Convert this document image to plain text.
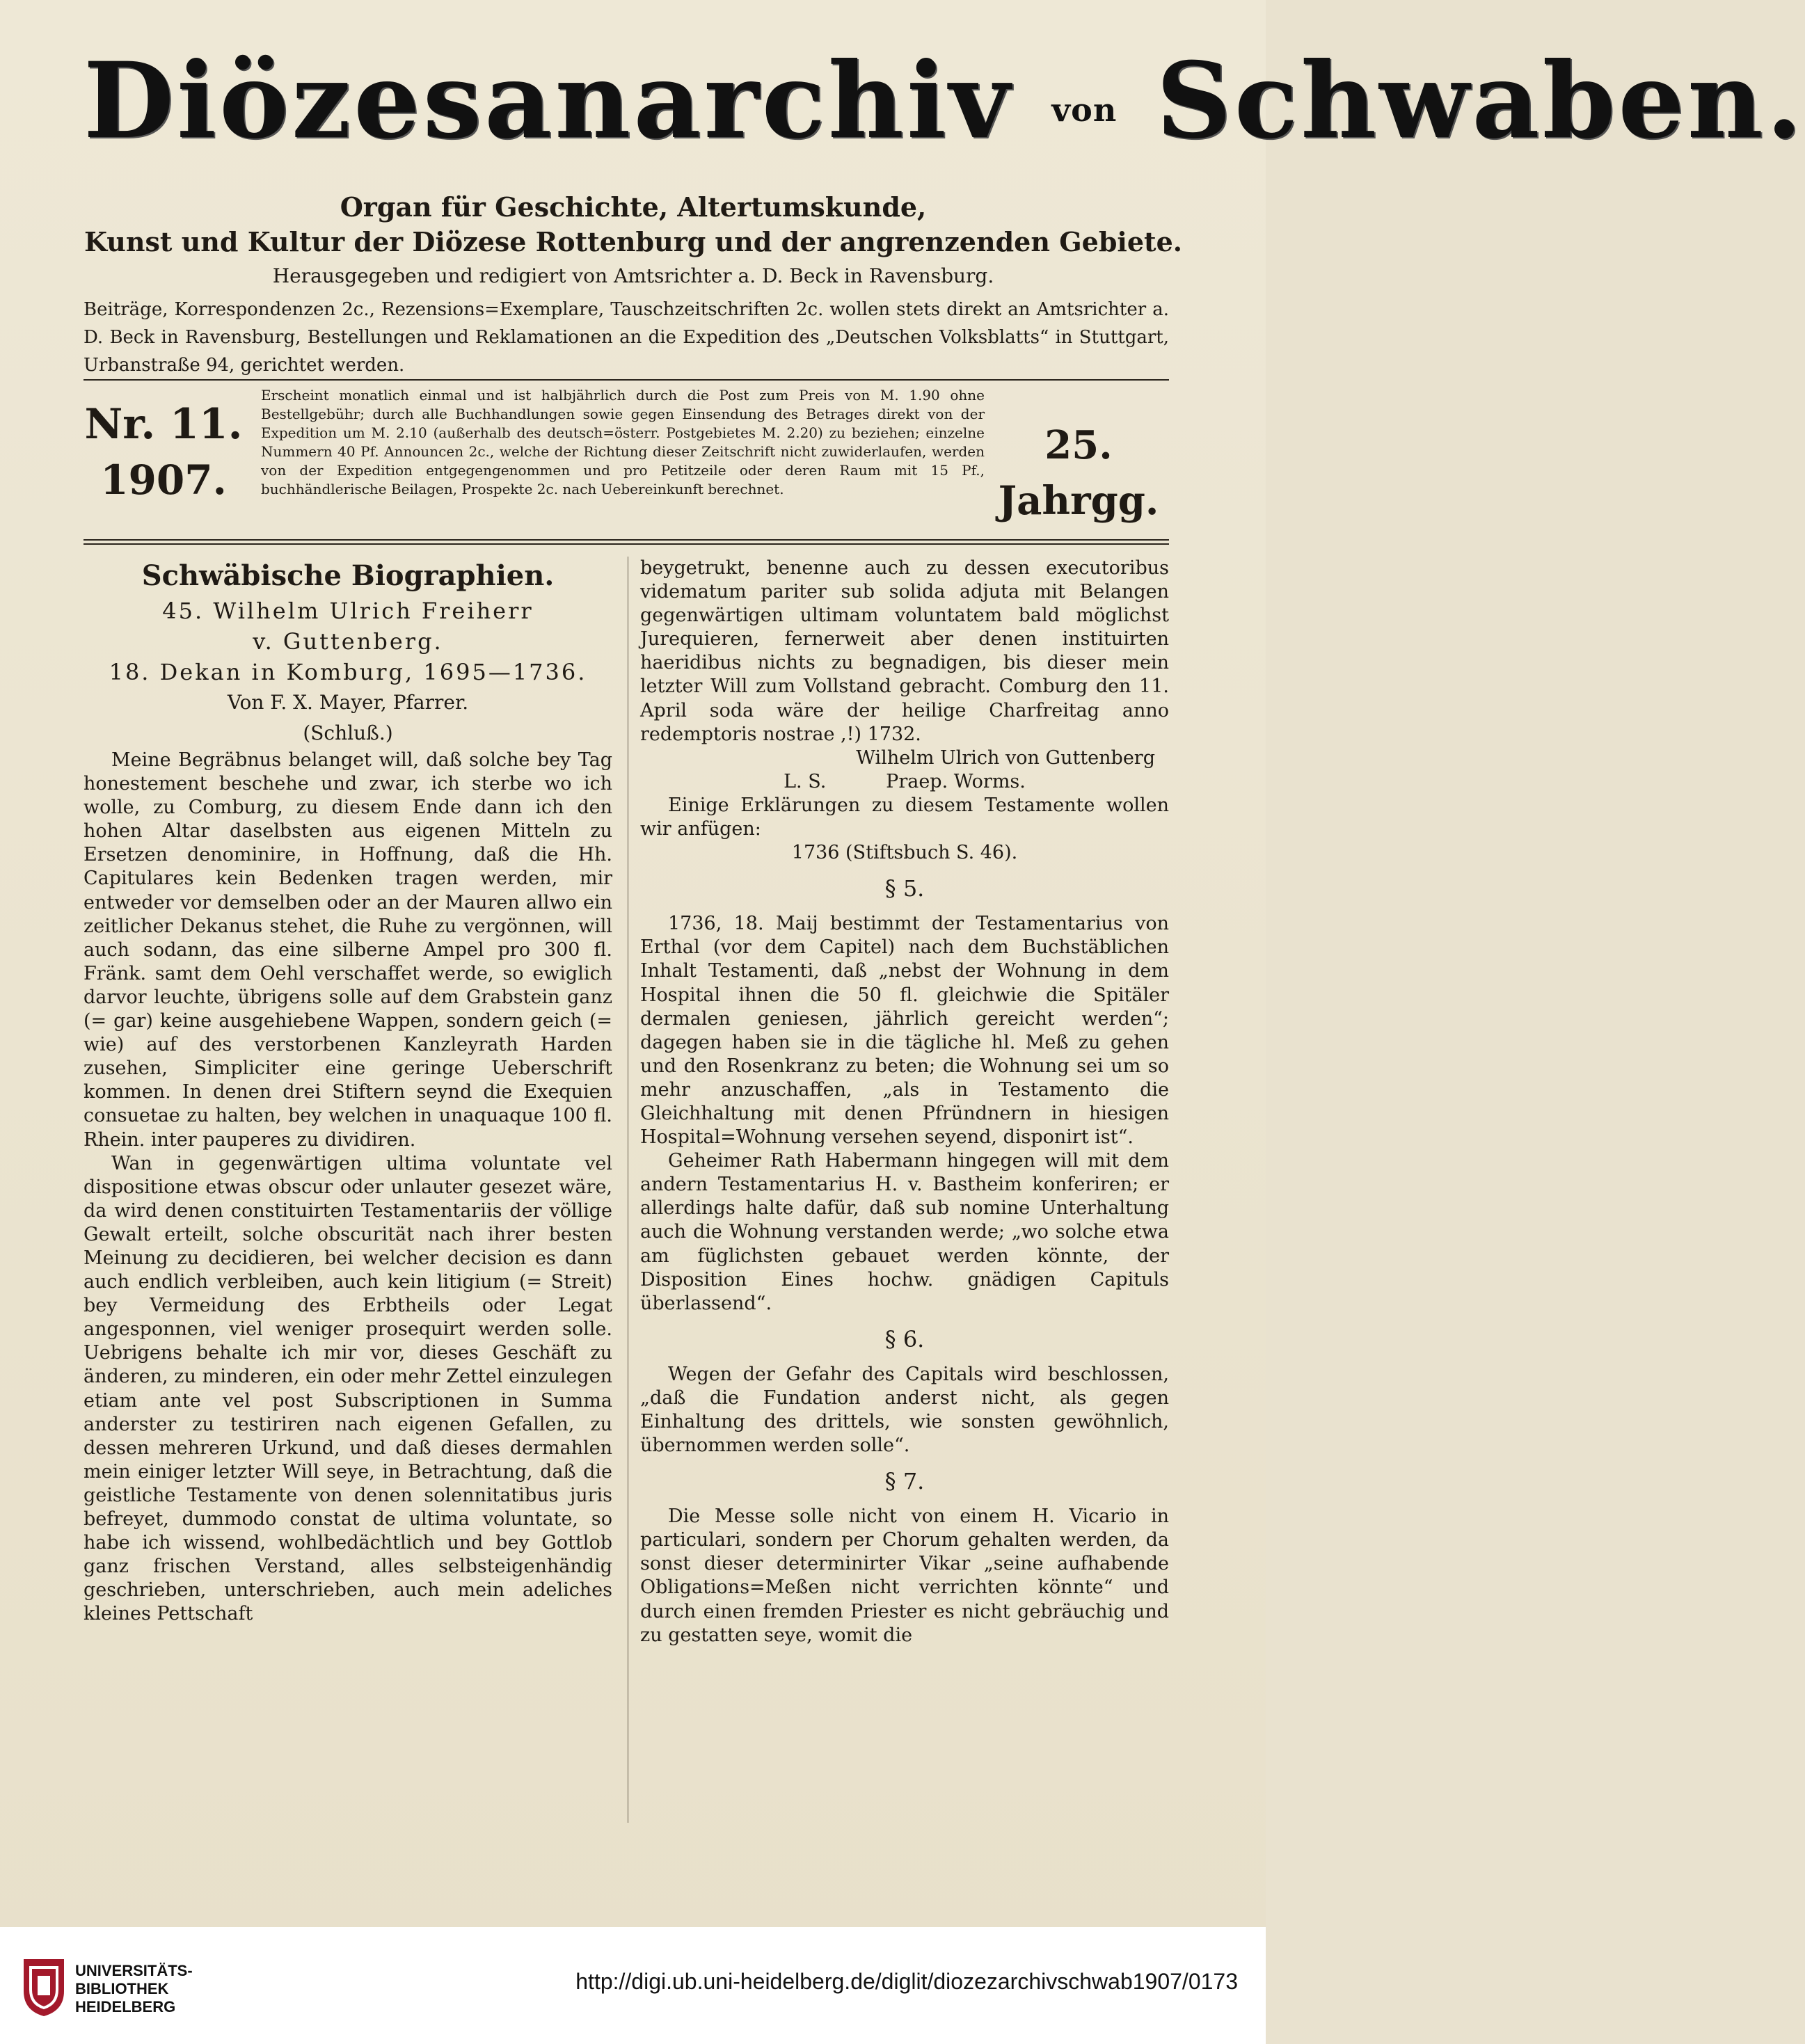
Diözesanarchiv von Schwaben.
Organ für Geschichte, Altertumskunde,
Kunst und Kultur der Diözese Rottenburg und der angrenzenden Gebiete.
Herausgegeben und redigiert von Amtsrichter a. D. Beck in Ravensburg.
Beiträge, Korrespondenzen 2c., Rezensions=Exemplare, Tauschzeitschriften 2c. wollen stets direkt an Amtsrichter a. D. Beck in Ravensburg, Bestellungen und Reklamationen an die Expedition des „Deutschen Volksblatts“ in Stuttgart, Urbanstraße 94, gerichtet werden.
Nr. 11.
1907.
Erscheint monatlich einmal und ist halbjährlich durch die Post zum Preis von M. 1.90 ohne Bestellgebühr; durch alle Buchhandlungen sowie gegen Einsendung des Betrages direkt von der Expedition um M. 2.10 (außerhalb des deutsch=österr. Postgebietes M. 2.20) zu beziehen; einzelne Nummern 40 Pf. Announcen 2c., welche der Richtung dieser Zeitschrift nicht zuwiderlaufen, werden von der Expedition entgegengenommen und pro Petitzeile oder deren Raum mit 15 Pf., buchhändlerische Beilagen, Prospekte 2c. nach Uebereinkunft berechnet.
25.
Jahrgg.
Schwäbische Biographien.
45. Wilhelm Ulrich Freiherr
v. Guttenberg.
18. Dekan in Komburg, 1695—1736.
Von F. X. Mayer, Pfarrer.
(Schluß.)

Meine Begräbnus belanget will, daß solche bey Tag honestement beschehe und zwar, ich sterbe wo ich wolle, zu Comburg, zu diesem Ende dann ich den hohen Altar daselbsten aus eigenen Mitteln zu Ersetzen denominire, in Hoffnung, daß die Hh. Capitulares kein Bedenken tragen werden, mir entweder vor demselben oder an der Mauren allwo ein zeitlicher Dekanus stehet, die Ruhe zu vergönnen, will auch sodann, das eine silberne Ampel pro 300 fl. Fränk. samt dem Oehl verschaffet werde, so ewiglich darvor leuchte, übrigens solle auf dem Grabstein ganz (= gar) keine ausgehiebene Wappen, sondern geich (= wie) auf des verstorbenen Kanzleyrath Harden zusehen, Simpliciter eine geringe Ueberschrift kommen. In denen drei Stiftern seynd die Exequien consuetae zu halten, bey welchen in unaquaque 100 fl. Rhein. inter pauperes zu dividiren.

Wan in gegenwärtigen ultima voluntate vel dispositione etwas obscur oder unlauter gesezet wäre, da wird denen constituirten Testamentariis der völlige Gewalt erteilt, solche obscurität nach ihrer besten Meinung zu decidieren, bei welcher decision es dann auch endlich verbleiben, auch kein litigium (= Streit) bey Vermeidung des Erbtheils oder Legat angesponnen, viel weniger prosequirt werden solle. Uebrigens behalte ich mir vor, dieses Geschäft zu änderen, zu minderen, ein oder mehr Zettel einzulegen etiam ante vel post Subscriptionen in Summa anderster zu testiriren nach eigenen Gefallen, zu dessen mehreren Urkund, und daß dieses dermahlen mein einiger letzter Will seye, in Betrachtung, daß die geistliche Testamente von denen solennitatibus juris befreyet, dummodo constat de ultima voluntate, so habe ich wissend, wohlbedächtlich und bey Gottlob ganz frischen Verstand, alles selbsteigenhändig geschrieben, unterschrieben, auch mein adeliches kleines Pettschaft

beygetrukt, benenne auch zu dessen executoribus vidematum pariter sub solida adjuta mit Belangen gegenwärtigen ultimam voluntatem bald möglichst Jurequieren, fernerweit aber denen instituirten haeridibus nichts zu begnadigen, bis dieser mein letzter Will zum Vollstand gebracht. Comburg den 11. April soda wäre der heilige Charfreitag anno redemptoris nostrae ,!) 1732.

Wilhelm Ulrich von Guttenberg

L. S.          Praep. Worms.

Einige Erklärungen zu diesem Testamente wollen wir anfügen:

1736 (Stiftsbuch S. 46).

§ 5.

1736, 18. Maij bestimmt der Testamentarius von Erthal (vor dem Capitel) nach dem Buchstäblichen Inhalt Testamenti, daß „nebst der Wohnung in dem Hospital ihnen die 50 fl. gleichwie die Spitäler dermalen geniesen, jährlich gereicht werden“; dagegen haben sie in die tägliche hl. Meß zu gehen und den Rosenkranz zu beten; die Wohnung sei um so mehr anzuschaffen, „als in Testamento die Gleichhaltung mit denen Pfründnern in hiesigen Hospital=Wohnung versehen seyend, disponirt ist“.

Geheimer Rath Habermann hingegen will mit dem andern Testamentarius H. v. Bastheim konferiren; er allerdings halte dafür, daß sub nomine Unterhaltung auch die Wohnung verstanden werde; „wo solche etwa am füglichsten gebauet werden könnte, der Disposition Eines hochw. gnädigen Capituls überlassend“.

§ 6.

Wegen der Gefahr des Capitals wird beschlossen, „daß die Fundation anderst nicht, als gegen Einhaltung des drittels, wie sonsten gewöhnlich, übernommen werden solle“.

§ 7.

Die Messe solle nicht von einem H. Vicario in particulari, sondern per Chorum gehalten werden, da sonst dieser determinirter Vikar „seine aufhabende Obligations=Meßen nicht verrichten könnte“ und durch einen fremden Priester es nicht gebräuchig und zu gestatten seye, womit die

UNIVERSITÄTS-
BIBLIOTHEK
HEIDELBERG
http://digi.ub.uni-heidelberg.de/diglit/diozezarchivschwab1907/0173
